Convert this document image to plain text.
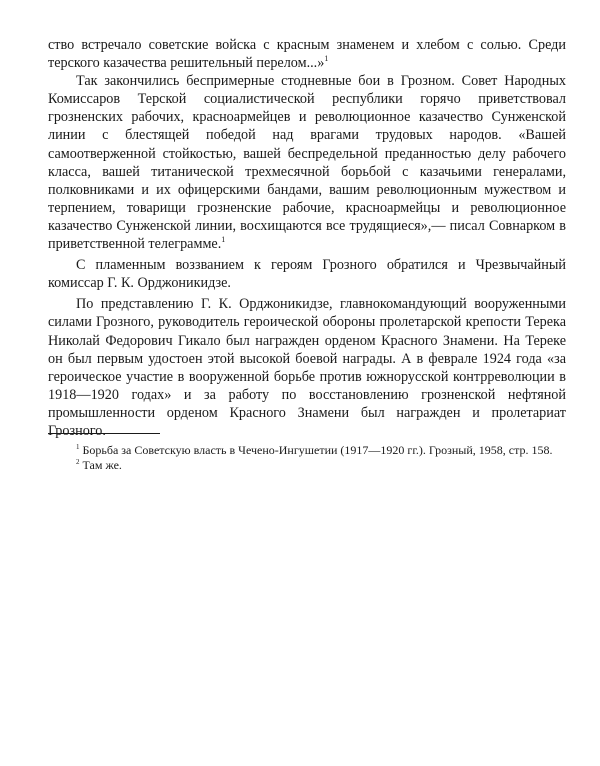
ство встречало советские войска с красным знаменем и хлебом с солью. Среди терского казачества решительный перелом...»$^1$

Так закончились беспримерные стодневные бои в Грозном. Совет Народных Комиссаров Терской социалистической республики горячо приветствовал грозненских рабочих, красноармейцев и революционное казачество Сунженской линии с блестящей победой над врагами трудовых народов. «Вашей самоотверженной стойкостью, вашей беспредельной преданностью делу рабочего класса, вашей титанической трехмесячной борьбой с казачьими генералами, полковниками и их офицерскими бандами, вашим революционным мужеством и терпением, товарищи грозненские рабочие, красноармейцы и революционное казачество Сунженской линии, восхищаются все трудящиеся»,— писал Совнарком в приветственной телеграмме.$^1$

С пламенным воззванием к героям Грозного обратился и Чрезвычайный комиссар Г. К. Орджоникидзе.

По представлению Г. К. Орджоникидзе, главнокомандующий вооруженными силами Грозного, руководитель героической обороны пролетарской крепости Терека Николай Федорович Гикало был награжден орденом Красного Знамени. На Тереке он был первым удостоен этой высокой боевой награды. А в феврале 1924 года «за героическое участие в вооруженной борьбе против южнорусской контрреволюции в 1918—1920 годах» и за работу по восстановлению грозненской нефтяной промышленности орденом Красного Знамени был награжден и пролетариат Грозного.

$^1$ Борьба за Советскую власть в Чечено-Ингушетии (1917—1920 гг.). Грозный, 1958, стр. 158.

$^2$ Там же.
